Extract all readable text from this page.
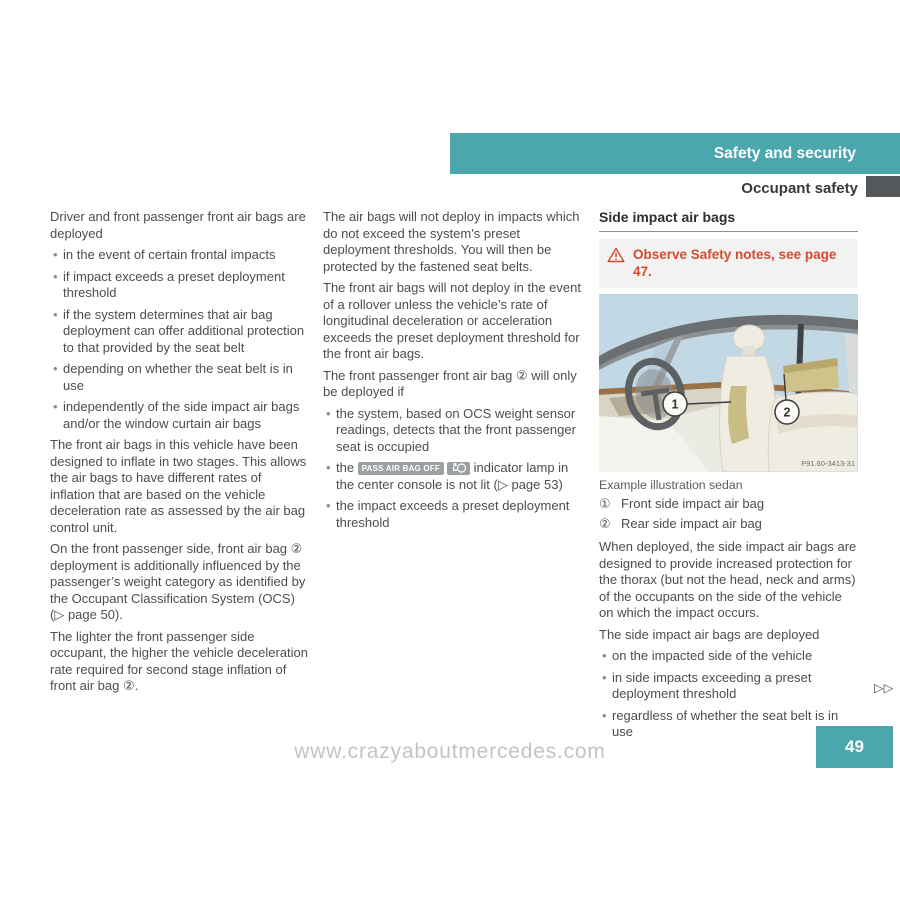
Safety and security
Occupant safety
Driver and front passenger front air bags are deployed
• in the event of certain frontal impacts
• if impact exceeds a preset deployment threshold
• if the system determines that air bag deployment can offer additional protection to that provided by the seat belt
• depending on whether the seat belt is in use
• independently of the side impact air bags and/or the window curtain air bags
The front air bags in this vehicle have been designed to inflate in two stages. This allows the air bags to have different rates of inflation that are based on the vehicle deceleration rate as assessed by the air bag control unit.
On the front passenger side, front air bag ② deployment is additionally influenced by the passenger’s weight category as identified by the Occupant Classification System (OCS) (▷ page 50).
The lighter the front passenger side occupant, the higher the vehicle deceleration rate required for second stage inflation of front air bag ②.
The air bags will not deploy in impacts which do not exceed the system’s preset deployment thresholds. You will then be protected by the fastened seat belts.
The front air bags will not deploy in the event of a rollover unless the vehicle’s rate of longitudinal deceleration or acceleration exceeds the preset deployment threshold for the front air bags.
The front passenger front air bag ② will only be deployed if
• the system, based on OCS weight sensor readings, detects that the front passenger seat is occupied
• the PASS AIR BAG OFF indicator lamp in the center console is not lit (▷ page 53)
• the impact exceeds a preset deployment threshold
Side impact air bags
Observe Safety notes, see page 47.
1
2
P91.60-3413-31
Example illustration sedan
① Front side impact air bag
② Rear side impact air bag
When deployed, the side impact air bags are designed to provide increased protection for the thorax (but not the head, neck and arms) of the occupants on the side of the vehicle on which the impact occurs.
The side impact air bags are deployed
• on the impacted side of the vehicle
• in side impacts exceeding a preset deployment threshold
• regardless of whether the seat belt is in use
▷▷
www.crazyaboutmercedes.com	49
